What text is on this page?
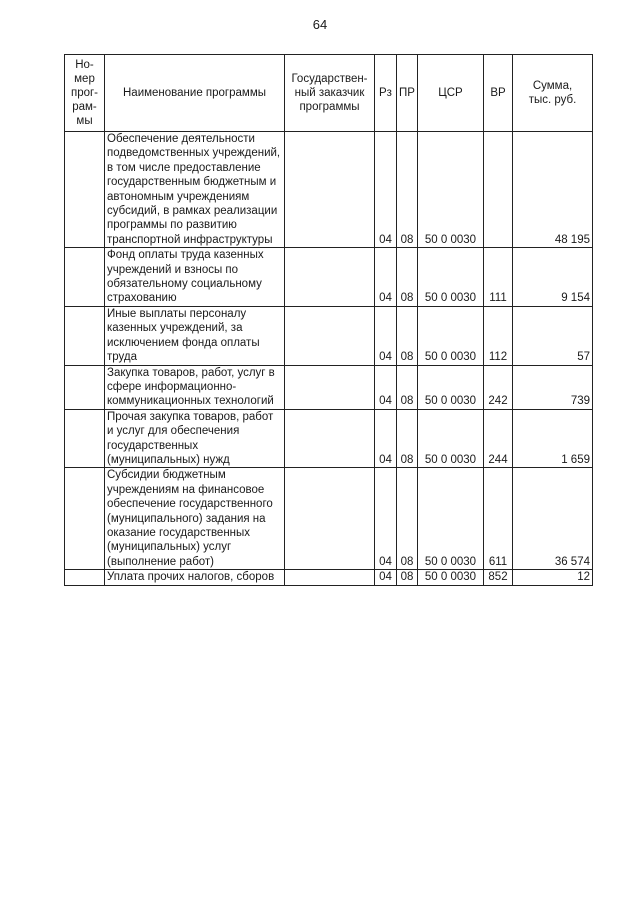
64
Но-
мер
прог-
рам-
мы	Наименование программы	Государствен-
ный заказчик
программы	Рз	ПР	ЦСР	ВР	Сумма,
тыс. руб.
	Обеспечение деятельности подведомственных учреждений, в том числе предоставление государственным бюджетным и автономным учреждениям субсидий, в рамках реализации программы по развитию транспортной инфраструктуры		04	08	50 0 0030		48 195
	Фонд оплаты труда казенных учреждений и взносы по обязательному социальному страхованию		04	08	50 0 0030	111	9 154
	Иные выплаты персоналу казенных учреждений, за исключением фонда оплаты труда		04	08	50 0 0030	112	57
	Закупка товаров, работ, услуг в сфере информационно-коммуникационных технологий		04	08	50 0 0030	242	739
	Прочая закупка товаров, работ и услуг для обеспечения государственных (муниципальных) нужд		04	08	50 0 0030	244	1 659
	Субсидии бюджетным учреждениям на финансовое обеспечение государственного (муниципального) задания на оказание государственных (муниципальных) услуг (выполнение работ)		04	08	50 0 0030	611	36 574
	Уплата прочих налогов, сборов		04	08	50 0 0030	852	12
